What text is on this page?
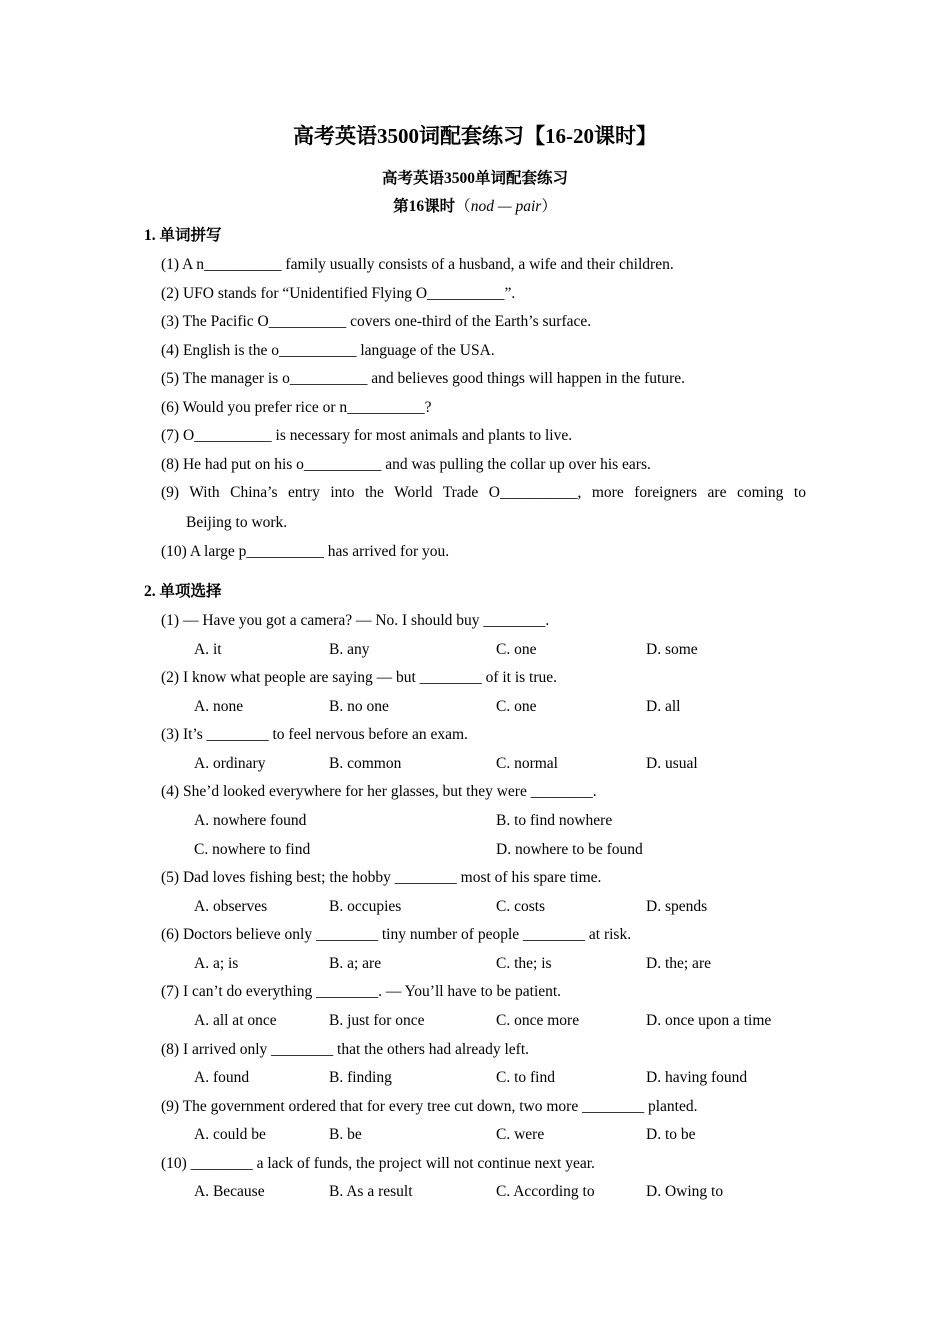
高考英语3500词配套练习【16-20课时】
高考英语3500单词配套练习
第16课时（nod — pair）
1. 单词拼写
(1) A n__________ family usually consists of a husband, a wife and their children.
(2) UFO stands for “Unidentified Flying O__________”.
(3) The Pacific O__________ covers one-third of the Earth’s surface.
(4) English is the o__________ language of the USA.
(5) The manager is o__________ and believes good things will happen in the future.
(6) Would you prefer rice or n__________?
(7) O__________ is necessary for most animals and plants to live.
(8) He had put on his o__________ and was pulling the collar up over his ears.
(9) With China’s entry into the World Trade O__________, more foreigners are coming to
Beijing to work.
(10) A large p__________ has arrived for you.
2. 单项选择
(1) — Have you got a camera? — No. I should buy ________.
A. it	B. any	C. one	D. some
(2) I know what people are saying — but ________ of it is true.
A. none	B. no one	C. one	D. all
(3) It’s ________ to feel nervous before an exam.
A. ordinary	B. common	C. normal	D. usual
(4) She’d looked everywhere for her glasses, but they were ________.
A. nowhere found	B. to find nowhere
C. nowhere to find	D. nowhere to be found
(5) Dad loves fishing best; the hobby ________ most of his spare time.
A. observes	B. occupies	C. costs	D. spends
(6) Doctors believe only ________ tiny number of people ________ at risk.
A. a; is	B. a; are	C. the; is	D. the; are
(7) I can’t do everything ________. — You’ll have to be patient.
A. all at once	B. just for once	C. once more	D. once upon a time
(8) I arrived only ________ that the others had already left.
A. found	B. finding	C. to find	D. having found
(9) The government ordered that for every tree cut down, two more ________ planted.
A. could be	B. be	C. were	D. to be
(10) ________ a lack of funds, the project will not continue next year.
A. Because	B. As a result	C. According to	D. Owing to
